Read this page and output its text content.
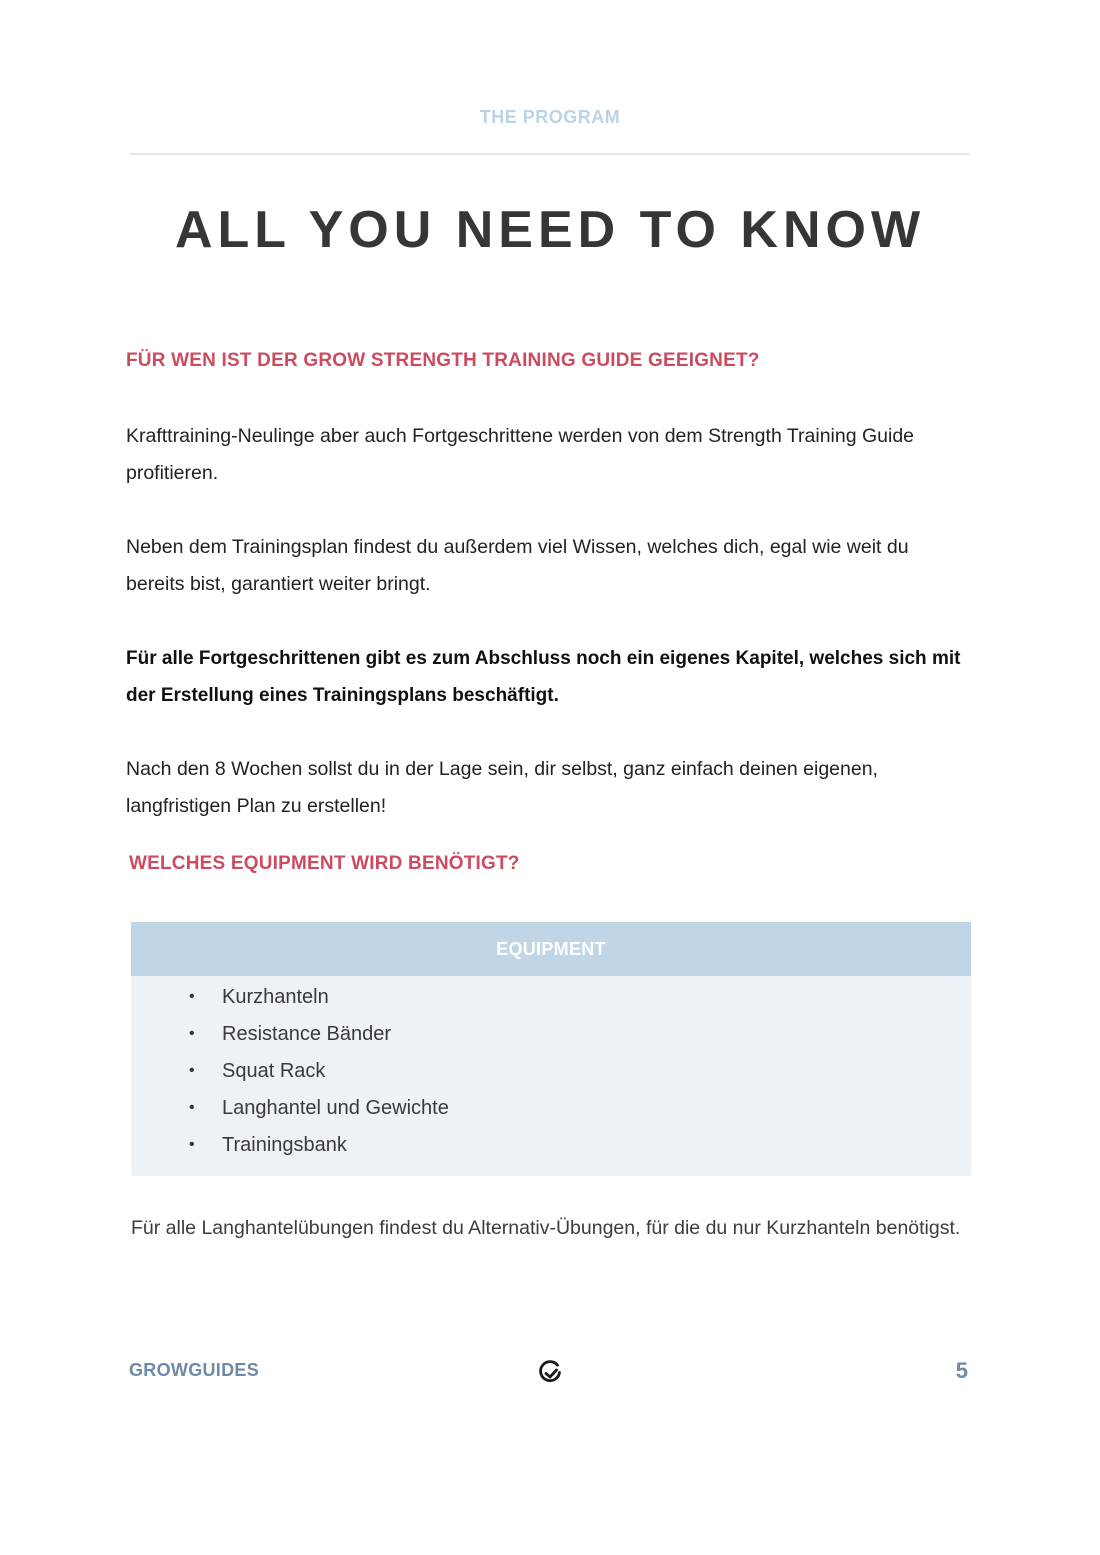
THE PROGRAM
ALL YOU NEED TO KNOW
FÜR WEN IST DER GROW STRENGTH TRAINING GUIDE GEEIGNET?

Krafttraining-Neulinge aber auch Fortgeschrittene werden von dem Strength Training Guide profitieren.

Neben dem Trainingsplan findest du außerdem viel Wissen, welches dich, egal wie weit du bereits bist, garantiert weiter bringt.

Für alle Fortgeschrittenen gibt es zum Abschluss noch ein eigenes Kapitel, welches sich mit der Erstellung eines Trainingsplans beschäftigt.

Nach den 8 Wochen sollst du in der Lage sein, dir selbst, ganz einfach deinen eigenen, langfristigen Plan zu erstellen!

WELCHES EQUIPMENT WIRD BENÖTIGT?
EQUIPMENT
• Kurzhanteln
• Resistance Bänder
• Squat Rack
• Langhantel und Gewichte
• Trainingsbank

Für alle Langhantelübungen findest du Alternativ-Übungen, für die du nur Kurzhanteln benötigst.

GROWGUIDES	5
